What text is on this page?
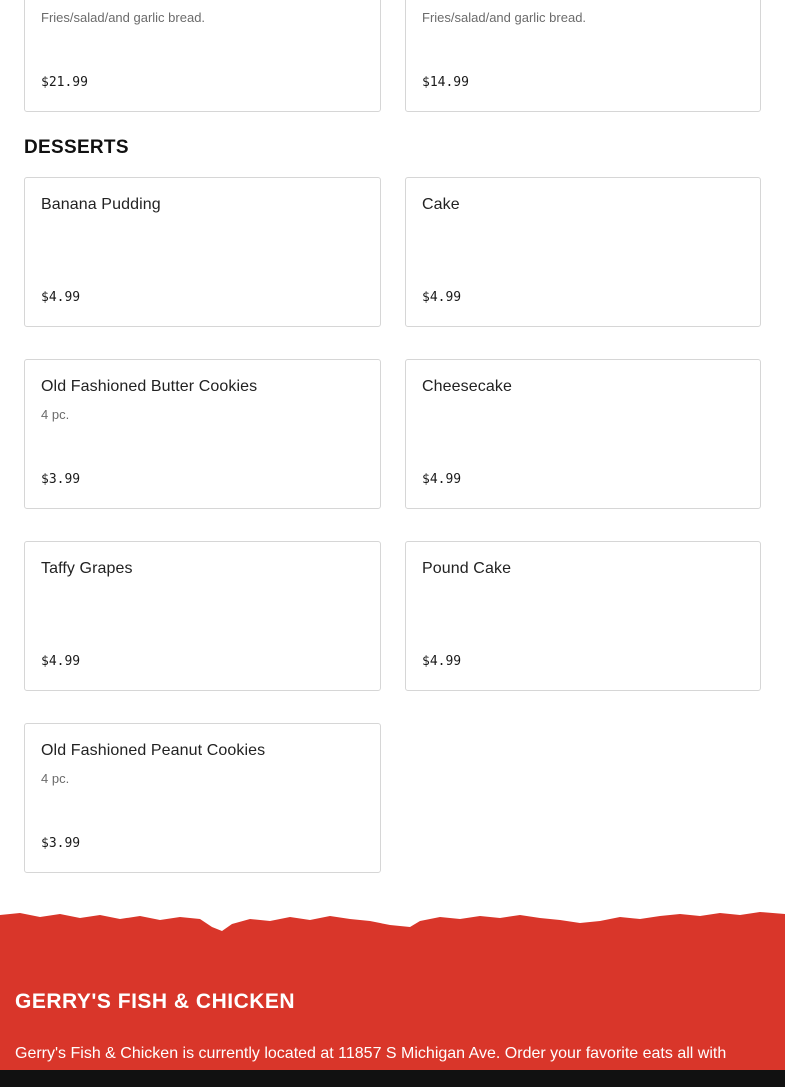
Fries/salad/and garlic bread.
$21.99
Fries/salad/and garlic bread.
$14.99
DESSERTS
Banana Pudding
$4.99
Cake
$4.99
Old Fashioned Butter Cookies
4 pc.
$3.99
Cheesecake
$4.99
Taffy Grapes
$4.99
Pound Cake
$4.99
Old Fashioned Peanut Cookies
4 pc.
$3.99
GERRY'S FISH & CHICKEN

Gerry's Fish & Chicken is currently located at 11857 S Michigan Ave. Order your favorite eats all with
